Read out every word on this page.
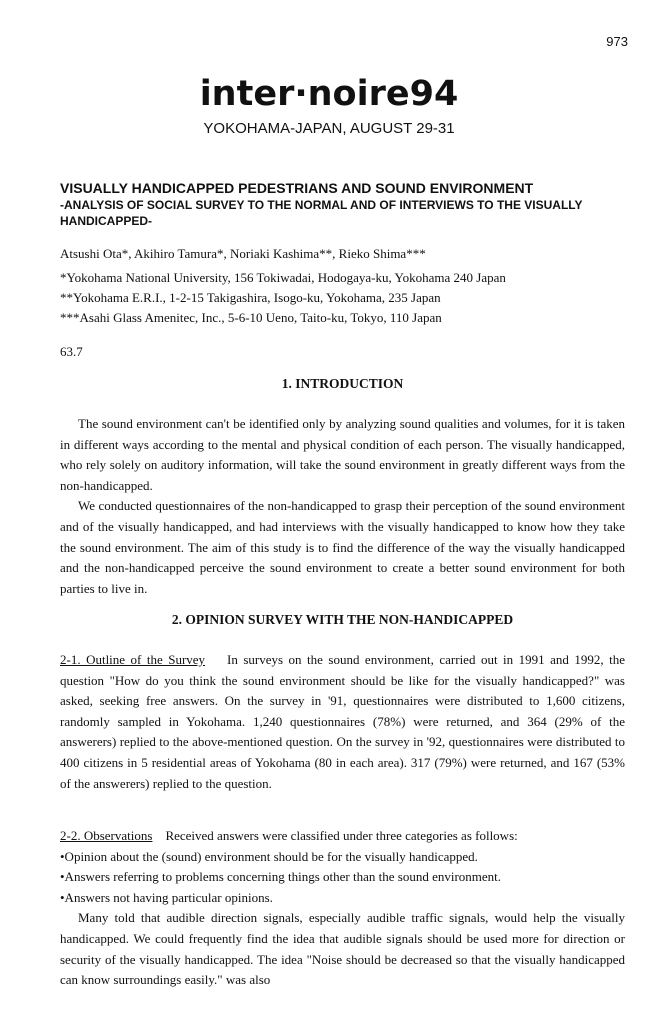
973
inter·noire94
YOKOHAMA-JAPAN, AUGUST 29-31
VISUALLY HANDICAPPED PEDESTRIANS AND SOUND ENVIRONMENT
-ANALYSIS OF SOCIAL SURVEY TO THE NORMAL AND OF INTERVIEWS TO THE VISUALLY HANDICAPPED-
Atsushi Ota*, Akihiro Tamura*, Noriaki Kashima**, Rieko Shima***
*Yokohama National University, 156 Tokiwadai, Hodogaya-ku, Yokohama 240 Japan
**Yokohama E.R.I., 1-2-15 Takigashira, Isogo-ku, Yokohama, 235 Japan
***Asahi Glass Amenitec, Inc., 5-6-10 Ueno, Taito-ku, Tokyo, 110 Japan
63.7
1. INTRODUCTION

The sound environment can't be identified only by analyzing sound qualities and volumes, for it is taken in different ways according to the mental and physical condition of each person. The visually handicapped, who rely solely on auditory information, will take the sound environment in greatly different ways from the non-handicapped.

We conducted questionnaires of the non-handicapped to grasp their perception of the sound environment and of the visually handicapped, and had interviews with the visually handicapped to know how they take the sound environment. The aim of this study is to find the difference of the way the visually handicapped and the non-handicapped perceive the sound environment to create a better sound environment for both parties to live in.

2. OPINION SURVEY WITH THE NON-HANDICAPPED
2-1. Outline of the Survey In surveys on the sound environment, carried out in 1991 and 1992, the question "How do you think the sound environment should be like for the visually handicapped?" was asked, seeking free answers. On the survey in '91, questionnaires were distributed to 1,600 citizens, randomly sampled in Yokohama. 1,240 questionnaires (78%) were returned, and 364 (29% of the answerers) replied to the above-mentioned question. On the survey in '92, questionnaires were distributed to 400 citizens in 5 residential areas of Yokohama (80 in each area). 317 (79%) were returned, and 167 (53% of the answerers) replied to the question.
2-2. Observations Received answers were classified under three categories as follows:
•Opinion about the (sound) environment should be for the visually handicapped.
•Answers referring to problems concerning things other than the sound environment.
•Answers not having particular opinions.

Many told that audible direction signals, especially audible traffic signals, would help the visually handicapped. We could frequently find the idea that audible signals should be used more for direction or security of the visually handicapped. The idea "Noise should be decreased so that the visually handicapped can know surroundings easily." was also
